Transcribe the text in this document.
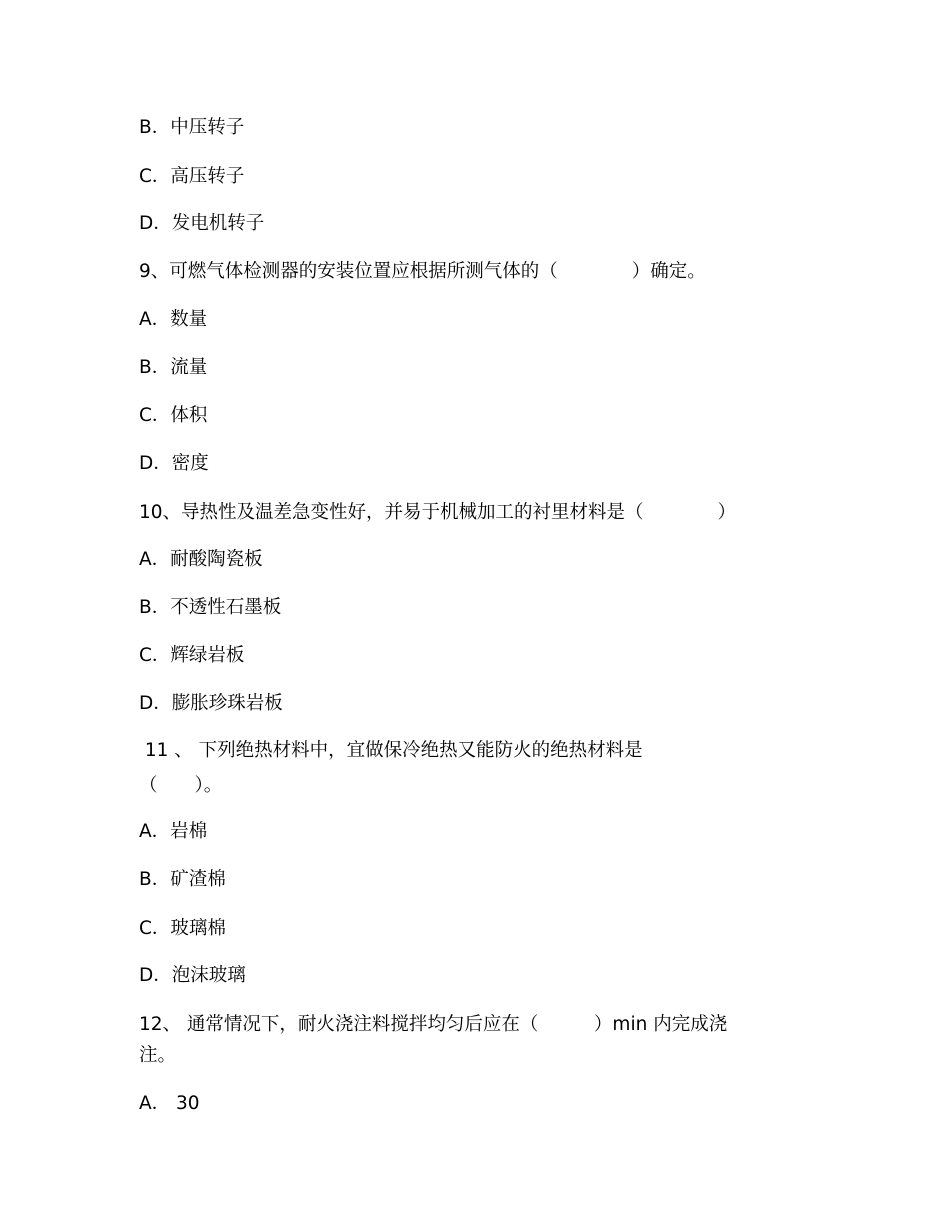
B．中压转子
C．高压转子
D．发电机转子
9、可燃气体检测器的安装位置应根据所测气体的（　　　　）确定。
A．数量
B．流量
C．体积
D．密度
10、导热性及温差急变性好，并易于机械加工的衬里材料是（　　　　）
A．耐酸陶瓷板
B．不透性石墨板
C．辉绿岩板
D．膨胀珍珠岩板
11 、 下列绝热材料中，宜做保冷绝热又能防火的绝热材料是
（　　）。
A．岩棉
B．矿渣棉
C．玻璃棉
D．泡沫玻璃
12、 通常情况下，耐火浇注料搅拌均匀后应在（　　　）min 内完成浇
注。
A． 30
